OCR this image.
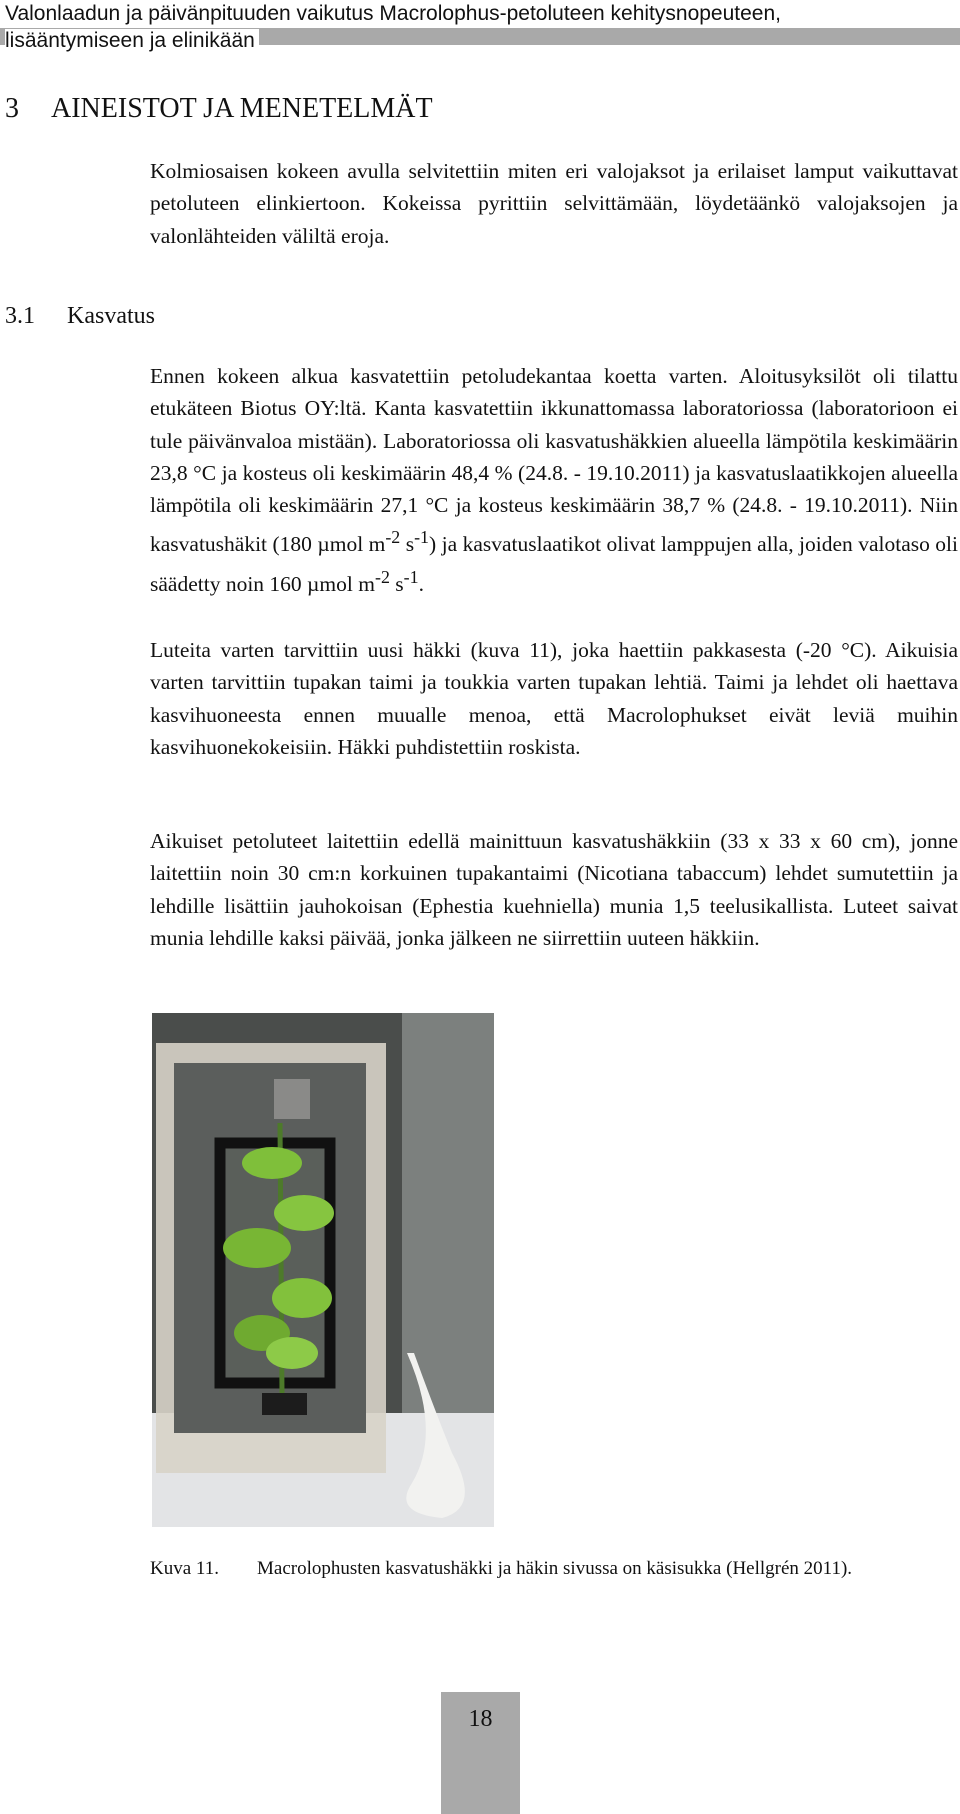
Valonlaadun ja päivänpituuden vaikutus Macrolophus-petoluteen kehitysnopeuteen,
lisääntymiseen ja elinikään
3 AINEISTOT JA MENETELMÄT
Kolmiosaisen kokeen avulla selvitettiin miten eri valojaksot ja erilaiset lamput vaikuttavat petoluteen elinkiertoon. Kokeissa pyrittiin selvittämään, löydetäänkö valojaksojen ja valonlähteiden väliltä eroja.
3.1 Kasvatus
Ennen kokeen alkua kasvatettiin petoludekantaa koetta varten. Aloitusyksilöt oli tilattu etukäteen Biotus OY:ltä. Kanta kasvatettiin ikkunattomassa laboratoriossa (laboratorioon ei tule päivänvaloa mistään). Laboratoriossa oli kasvatushäkkien alueella lämpötila keskimäärin 23,8 °C ja kosteus oli keskimäärin 48,4 % (24.8. - 19.10.2011) ja kasvatuslaatikkojen alueella lämpötila oli keskimäärin 27,1 °C ja kosteus keskimäärin 38,7 % (24.8. - 19.10.2011). Niin kasvatushäkit (180 µmol $m^{-2}$ $s^{-1}$) ja kasvatuslaatikot olivat lamppujen alla, joiden valotaso oli säädetty noin 160 µmol $m^{-2}$ $s^{-1}$.
Luteita varten tarvittiin uusi häkki (kuva 11), joka haettiin pakkasesta (-20 °C). Aikuisia varten tarvittiin tupakan taimi ja toukkia varten tupakan lehtiä. Taimi ja lehdet oli haettava kasvihuoneesta ennen muualle menoa, että Macrolophukset eivät leviä muihin kasvihuonekokeisiin. Häkki puhdistettiin roskista.
Aikuiset petoluteet laitettiin edellä mainittuun kasvatushäkkiin (33 x 33 x 60 cm), jonne laitettiin noin 30 cm:n korkuinen tupakantaimi (Nicotiana tabaccum) lehdet sumutettiin ja lehdille lisättiin jauhokoisan (Ephestia kuehniella) munia 1,5 teelusikallista. Luteet saivat munia lehdille kaksi päivää, jonka jälkeen ne siirrettiin uuteen häkkiin.
Kuva 11. Macrolophusten kasvatushäkki ja häkin sivussa on käsisukka (Hellgrén 2011).
18
